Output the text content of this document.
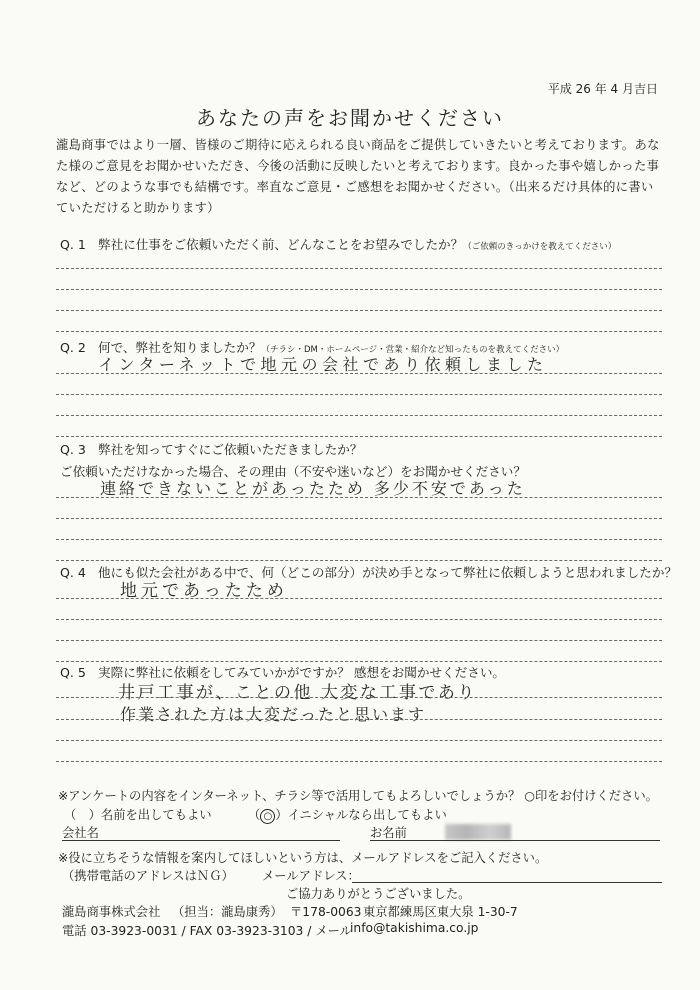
平成 26 年 4 月吉日
あなたの声をお聞かせください
瀧島商事ではより一層、皆様のご期待に応えられる良い商品をご提供していきたいと考えております。あなた様のご意見をお聞かせいただき、今後の活動に反映したいと考えております。良かった事や嬉しかった事など、どのような事でも結構です。率直なご意見・ご感想をお聞かせください。（出来るだけ具体的に書いていただけると助かります）
Q. 1 弊社に仕事をご依頼いただく前、どんなことをお望みでしたか？（ご依頼のきっかけを教えてください）
Q. 2 何で、弊社を知りましたか？（チラシ・DM・ホームページ・営業・紹介など知ったものを教えてください）
インターネットで地元の会社であり依頼しました
Q. 3 弊社を知ってすぐにご依頼いただきましたか？
ご依頼いただけなかった場合、その理由（不安や迷いなど）をお聞かせください？
連絡できないことがあったため 多少不安であった
Q. 4 他にも似た会社がある中で、何（どこの部分）が決め手となって弊社に依頼しようと思われましたか？
地元であったため
Q. 5 実際に弊社に依頼をしてみていかがですか？ 感想をお聞かせください。
井戸工事が、ことの他 大変な工事であり
作業された方は大変だったと思います
※アンケートの内容をインターネット、チラシ等で活用してもよろしいでしょうか？ ○印をお付けください。
（　）名前を出してもよい	（ ○ ）イニシャルなら出してもよい
会社名	お名前
※役に立ちそうな情報を案内してほしいという方は、メールアドレスをご記入ください。
（携帯電話のアドレスはＮＧ） メールアドレス：
ご協力ありがとうございました。
瀧島商事株式会社 （担当：瀧島康秀） 〒178-0063 東京都練馬区東大泉 1-30-7
電話 03-3923-0031 / FAX 03-3923-3103 / メール
info@takishima.co.jp
